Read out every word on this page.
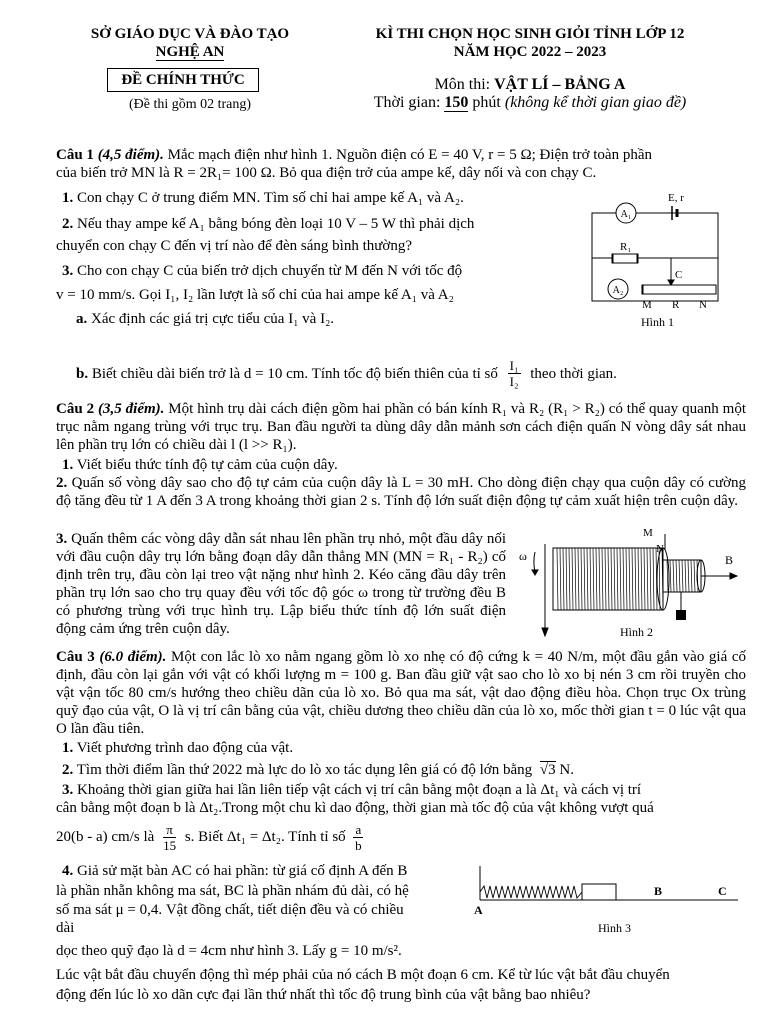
SỞ GIÁO DỤC VÀ ĐÀO TẠO
NGHỆ AN
ĐỀ CHÍNH THỨC
(Đề thi gồm 02 trang)
KÌ THI CHỌN HỌC SINH GIỎI TỈNH LỚP 12
NĂM HỌC 2022 – 2023
Môn thi: VẬT LÍ – BẢNG A
Thời gian: 150 phút (không kể thời gian giao đề)
Câu 1 (4,5 điểm). Mắc mạch điện như hình 1. Nguồn điện có E = 40 V, r = 5 Ω; Điện trở toàn phần
của biến trở MN là R = 2R₁= 100 Ω. Bỏ qua điện trở của ampe kế, dây nối và con chạy C.
1. Con chạy C ở trung điểm MN. Tìm số chỉ hai ampe kế A₁ và A₂.
2. Nếu thay ampe kế A₁ bằng bóng đèn loại 10 V – 5 W thì phải dịch
chuyển con chạy C đến vị trí nào để đèn sáng bình thường?
3. Cho con chạy C của biến trở dịch chuyển từ M đến N với tốc độ
v = 10 mm/s. Gọi I₁, I₂ lần lượt là số chỉ của hai ampe kế A₁ và A₂
a. Xác định các giá trị cực tiểu của I₁ và I₂.
b. Biết chiều dài biến trở là d = 10 cm. Tính tốc độ biến thiên của tỉ số $\frac{\text{I₁}}{\text{I₂}}$ theo thời gian.
A₁
A₂
E, r
R₁
C
M R N
Hình 1
Câu 2 (3,5 điểm). Một hình trụ dài cách điện gồm hai phần có bán kính R₁ và R₂ (R₁ > R₂) có thể quay quanh một trục nằm ngang trùng với trục trụ. Ban đầu người ta dùng dây dẫn mảnh sơn cách điện quấn N vòng dây sát nhau lên phần trụ lớn có chiều dài l (l >> R₁).
1. Viết biểu thức tính độ tự cảm của cuộn dây.
2. Quấn số vòng dây sao cho độ tự cảm của cuộn dây là L = 30 mH. Cho dòng điện chạy qua cuộn dây có cường độ tăng đều từ 1 A đến 3 A trong khoảng thời gian 2 s. Tính độ lớn suất điện động tự cảm xuất hiện trên cuộn dây.
3. Quấn thêm các vòng dây dẫn sát nhau lên phần trụ nhỏ, một đầu dây nối với đầu cuộn dây trụ lớn bằng đoạn dây dẫn thẳng MN (MN = R₁ - R₂) cố định trên trụ, đầu còn lại treo vật nặng như hình 2. Kéo căng đầu dây trên phần trụ lớn sao cho trụ quay đều với tốc độ góc ω trong từ trường đều B có phương trùng với trục hình trụ. Lập biểu thức tính độ lớn suất điện động cảm ứng trên cuộn dây.
ω
M
N
B
Hình 2
Câu 3 (6.0 điểm). Một con lắc lò xo nằm ngang gồm lò xo nhẹ có độ cứng k = 40 N/m, một đầu gắn vào giá cố định, đầu còn lại gắn với vật có khối lượng m = 100 g. Ban đầu giữ vật sao cho lò xo bị nén 3 cm rồi truyền cho vật vận tốc 80 cm/s hướng theo chiều dãn của lò xo. Bỏ qua ma sát, vật dao động điều hòa. Chọn trục Ox trùng quỹ đạo của vật, O là vị trí cân bằng của vật, chiều dương theo chiều dãn của lò xo, mốc thời gian t = 0 lúc vật qua O lần đầu tiên.
1. Viết phương trình dao động của vật.
2. Tìm thời điểm lần thứ 2022 mà lực do lò xo tác dụng lên giá có độ lớn bằng √3 N.
3. Khoảng thời gian giữa hai lần liên tiếp vật cách vị trí cân bằng một đoạn a là Δt₁ và cách vị trí
cân bằng một đoạn b là Δt₂.Trong một chu kì dao động, thời gian mà tốc độ của vật không vượt quá
20(b - a) cm/s là $\frac{\pi}{15} s$. Biết Δt₁ = Δt₂. Tính tỉ số $\frac{a}{b}$
4. Giả sử mặt bàn AC có hai phần: từ giá cố định A đến B
là phần nhẵn không ma sát, BC là phần nhám đủ dài, có hệ
số ma sát μ = 0,4. Vật đồng chất, tiết diện đều và có chiều
dài
dọc theo quỹ đạo là d = 4cm như hình 3. Lấy g = 10 m/s².
Lúc vật bắt đầu chuyển động thì mép phải của nó cách B một đoạn 6 cm. Kể từ lúc vật bắt đầu chuyển
động đến lúc lò xo dãn cực đại lần thứ nhất thì tốc độ trung bình của vật bằng bao nhiêu?
A
B	C
Hình 3
